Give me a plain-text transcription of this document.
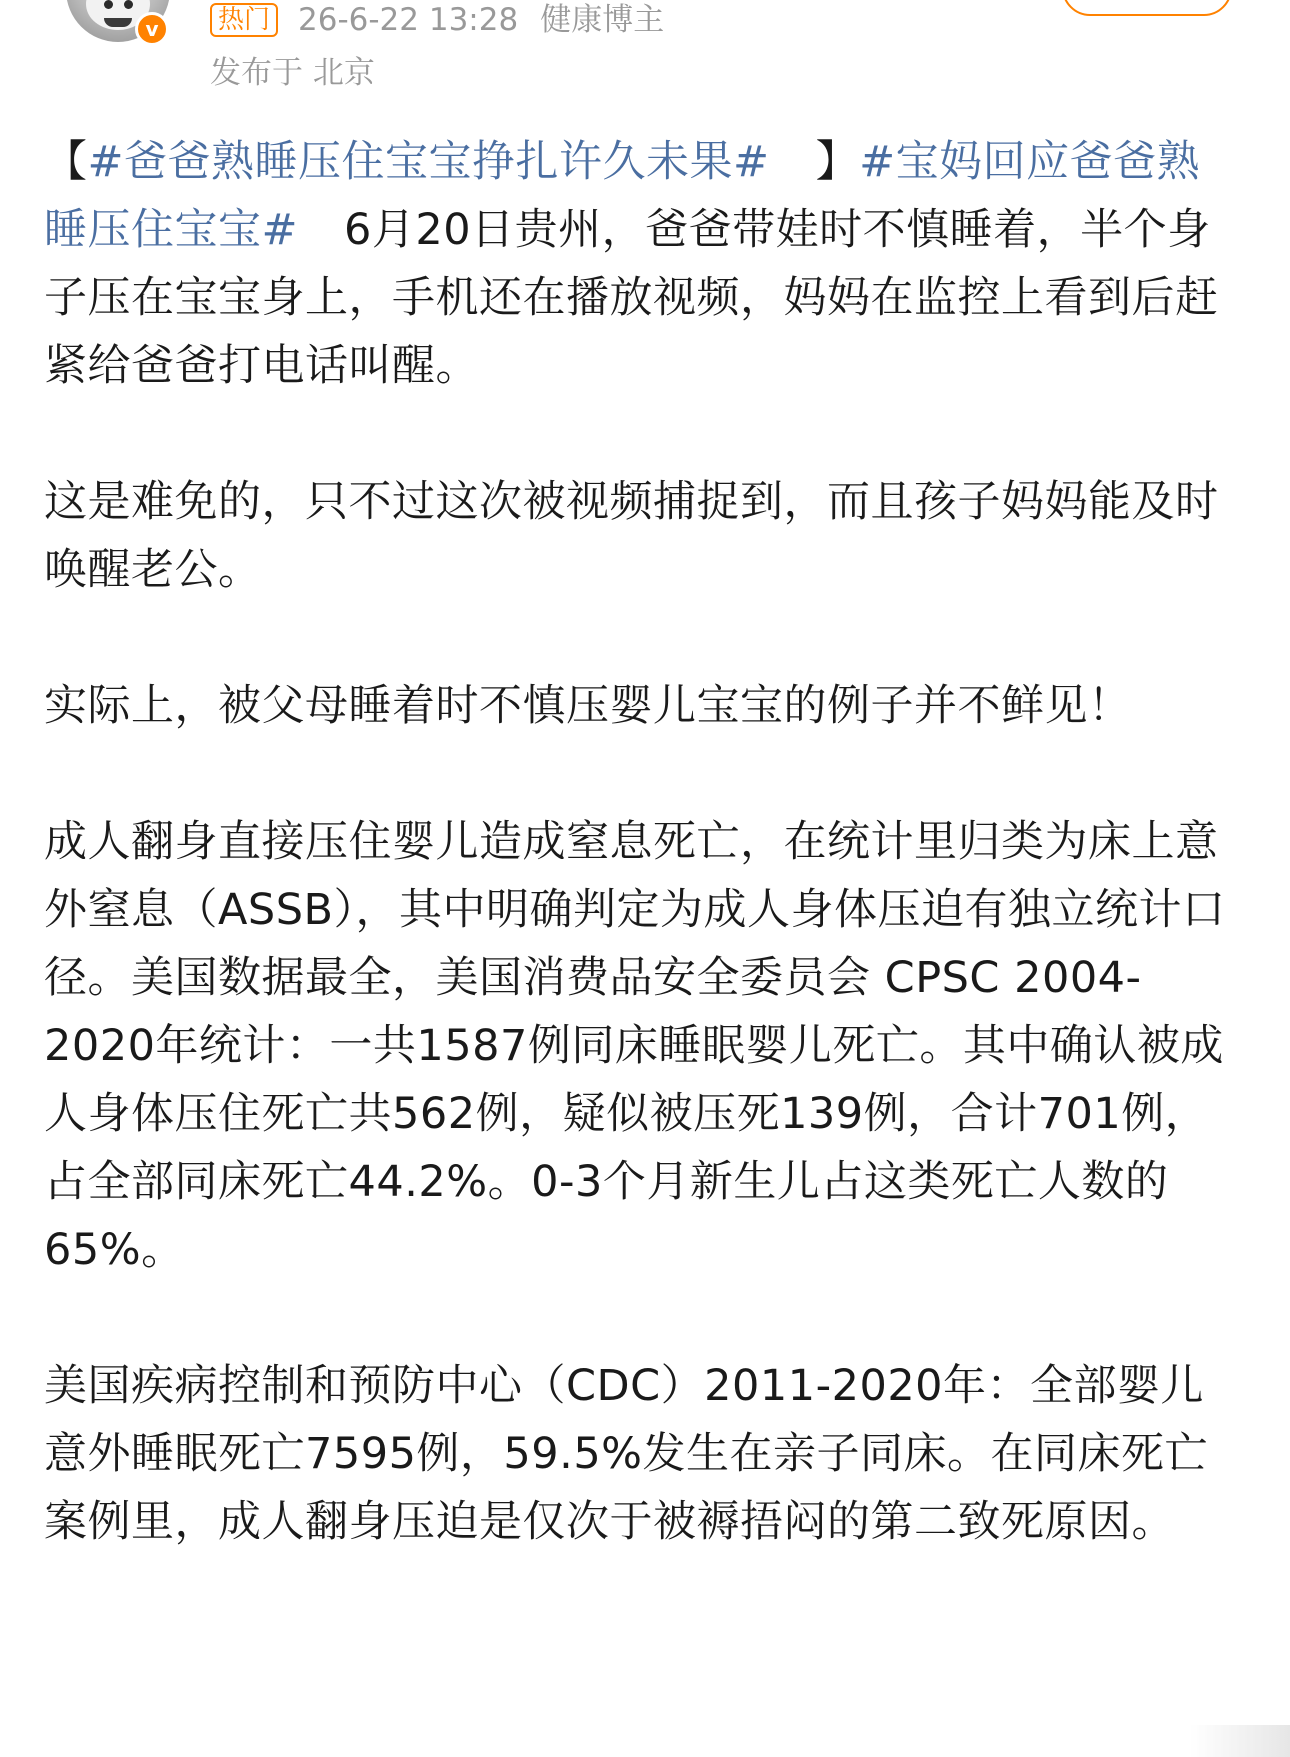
v	热门 26-6-22 13:28 健康博主
发布于 北京

【#爸爸熟睡压住宝宝挣扎许久未果# 】#宝妈回应爸爸熟睡压住宝宝# 6月20日贵州，爸爸带娃时不慎睡着，半个身子压在宝宝身上，手机还在播放视频，妈妈在监控上看到后赶紧给爸爸打电话叫醒。

这是难免的，只不过这次被视频捕捉到，而且孩子妈妈能及时唤醒老公。

实际上，被父母睡着时不慎压婴儿宝宝的例子并不鲜见！

成人翻身直接压住婴儿造成窒息死亡，在统计里归类为床上意外窒息（ASSB），其中明确判定为成人身体压迫有独立统计口径。美国数据最全，美国消费品安全委员会 CPSC 2004-2020年统计：一共1587例同床睡眠婴儿死亡。其中确认被成人身体压住死亡共562例，疑似被压死139例，合计701例，占全部同床死亡44.2%。0-3个月新生儿占这类死亡人数的65%。

美国疾病控制和预防中心（CDC）2011-2020年：全部婴儿意外睡眠死亡7595例，59.5%发生在亲子同床。在同床死亡案例里，成人翻身压迫是仅次于被褥捂闷的第二致死原因。
